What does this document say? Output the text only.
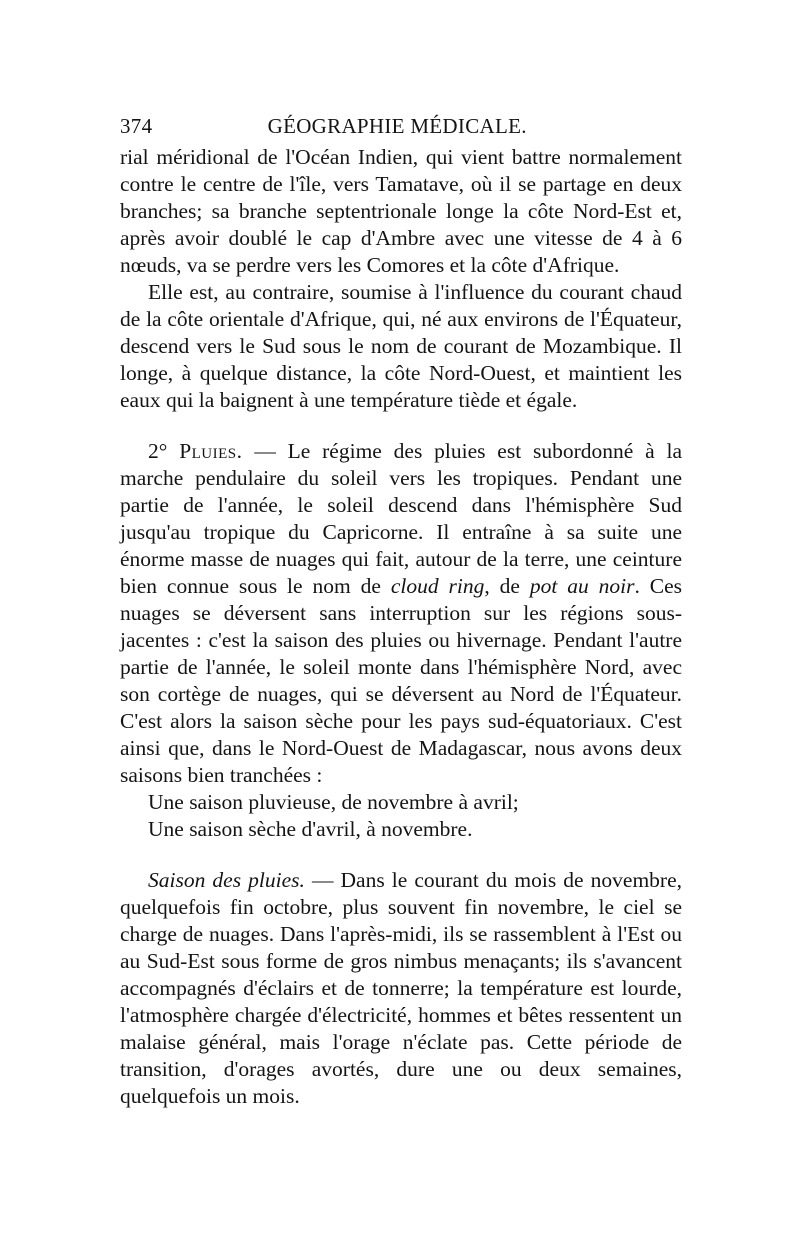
374	GÉOGRAPHIE MÉDICALE.

rial méridional de l'Océan Indien, qui vient battre normalement contre le centre de l'île, vers Tamatave, où il se partage en deux branches; sa branche septentrionale longe la côte Nord-Est et, après avoir doublé le cap d'Ambre avec une vitesse de 4 à 6 nœuds, va se perdre vers les Comores et la côte d'Afrique.

Elle est, au contraire, soumise à l'influence du courant chaud de la côte orientale d'Afrique, qui, né aux environs de l'Équateur, descend vers le Sud sous le nom de courant de Mozambique. Il longe, à quelque distance, la côte Nord-Ouest, et maintient les eaux qui la baignent à une température tiède et égale.

2° Pluies. — Le régime des pluies est subordonné à la marche pendulaire du soleil vers les tropiques. Pendant une partie de l'année, le soleil descend dans l'hémisphère Sud jusqu'au tropique du Capricorne. Il entraîne à sa suite une énorme masse de nuages qui fait, autour de la terre, une ceinture bien connue sous le nom de cloud ring, de pot au noir. Ces nuages se déversent sans interruption sur les régions sous-jacentes : c'est la saison des pluies ou hivernage. Pendant l'autre partie de l'année, le soleil monte dans l'hémisphère Nord, avec son cortège de nuages, qui se déversent au Nord de l'Équateur. C'est alors la saison sèche pour les pays sud-équatoriaux. C'est ainsi que, dans le Nord-Ouest de Madagascar, nous avons deux saisons bien tranchées :

Une saison pluvieuse, de novembre à avril;

Une saison sèche d'avril, à novembre.

Saison des pluies. — Dans le courant du mois de novembre, quelquefois fin octobre, plus souvent fin novembre, le ciel se charge de nuages. Dans l'après-midi, ils se rassemblent à l'Est ou au Sud-Est sous forme de gros nimbus menaçants; ils s'avancent accompagnés d'éclairs et de tonnerre; la température est lourde, l'atmosphère chargée d'électricité, hommes et bêtes ressentent un malaise général, mais l'orage n'éclate pas. Cette période de transition, d'orages avortés, dure une ou deux semaines, quelquefois un mois.
